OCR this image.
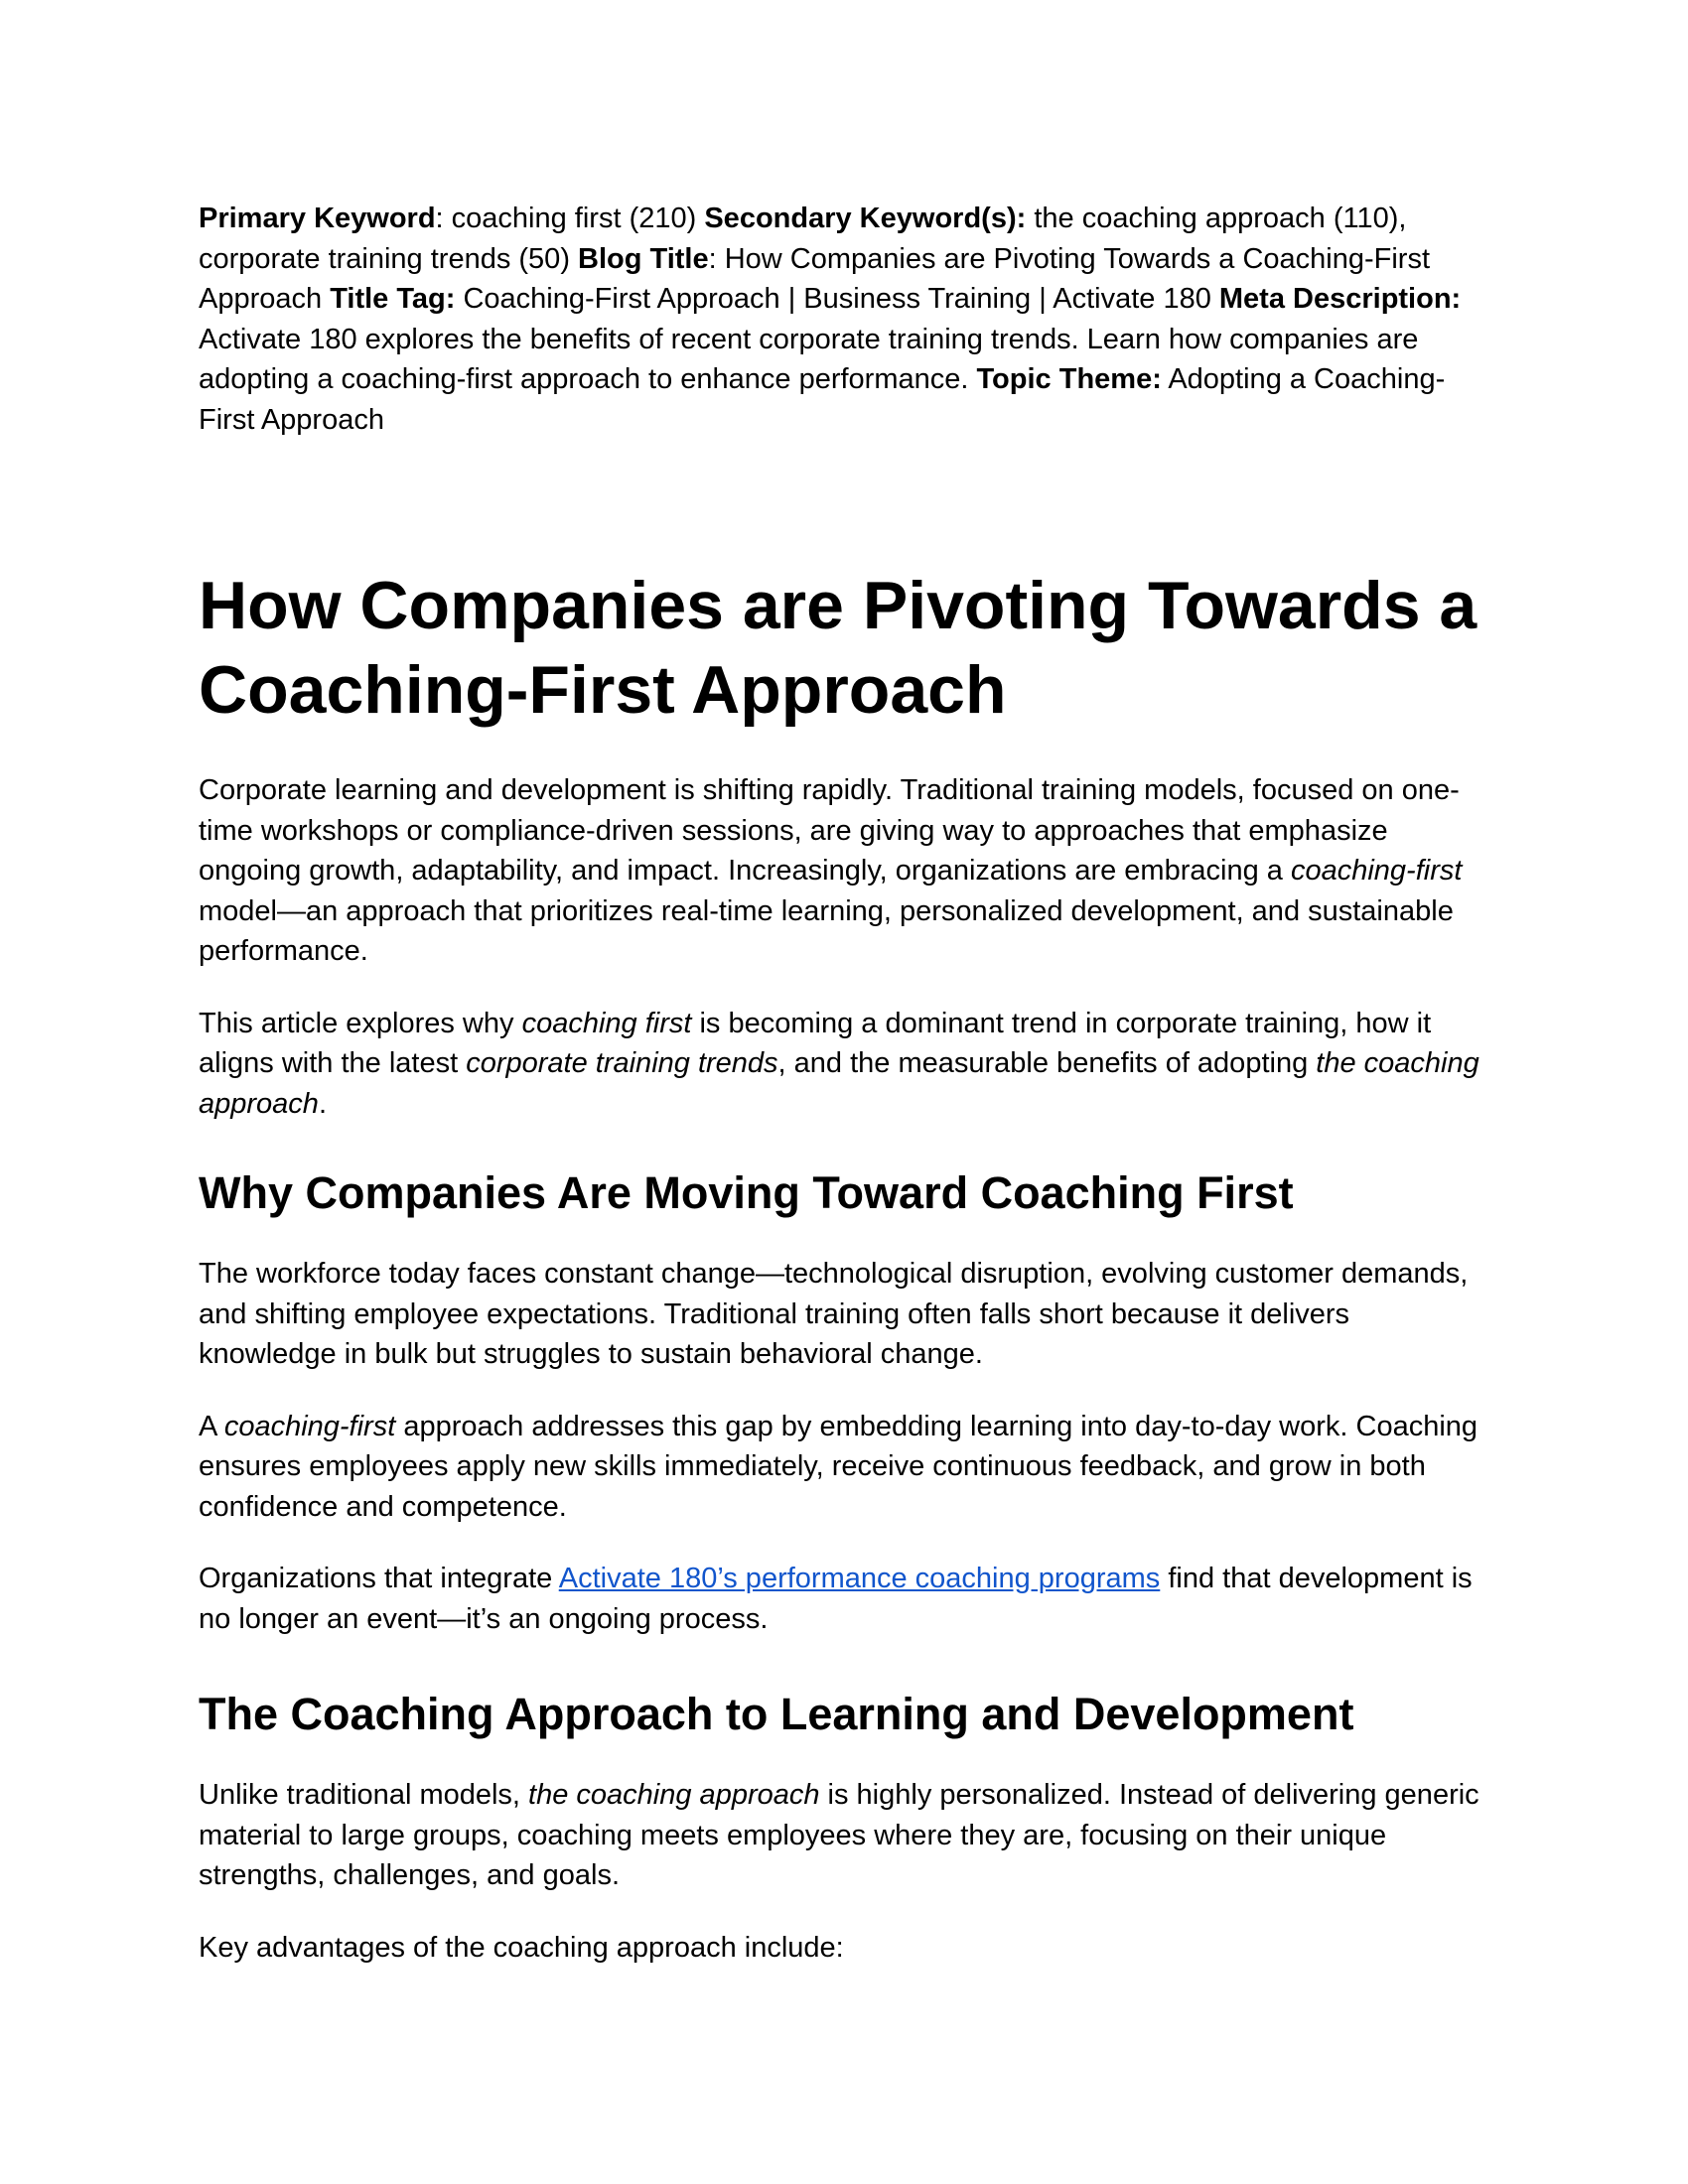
Primary Keyword: coaching first (210) Secondary Keyword(s): the coaching approach (110), corporate training trends (50) Blog Title: How Companies are Pivoting Towards a Coaching-First Approach Title Tag: Coaching-First Approach | Business Training | Activate 180 Meta Description: Activate 180 explores the benefits of recent corporate training trends. Learn how companies are adopting a coaching-first approach to enhance performance. Topic Theme: Adopting a Coaching-First Approach

How Companies are Pivoting Towards a Coaching-First Approach

Corporate learning and development is shifting rapidly. Traditional training models, focused on one-time workshops or compliance-driven sessions, are giving way to approaches that emphasize ongoing growth, adaptability, and impact. Increasingly, organizations are embracing a coaching-first model—an approach that prioritizes real-time learning, personalized development, and sustainable performance.

This article explores why coaching first is becoming a dominant trend in corporate training, how it aligns with the latest corporate training trends, and the measurable benefits of adopting the coaching approach.

Why Companies Are Moving Toward Coaching First

The workforce today faces constant change—technological disruption, evolving customer demands, and shifting employee expectations. Traditional training often falls short because it delivers knowledge in bulk but struggles to sustain behavioral change.

A coaching-first approach addresses this gap by embedding learning into day-to-day work. Coaching ensures employees apply new skills immediately, receive continuous feedback, and grow in both confidence and competence.

Organizations that integrate Activate 180’s performance coaching programs find that development is no longer an event—it’s an ongoing process.

The Coaching Approach to Learning and Development

Unlike traditional models, the coaching approach is highly personalized. Instead of delivering generic material to large groups, coaching meets employees where they are, focusing on their unique strengths, challenges, and goals.

Key advantages of the coaching approach include:
